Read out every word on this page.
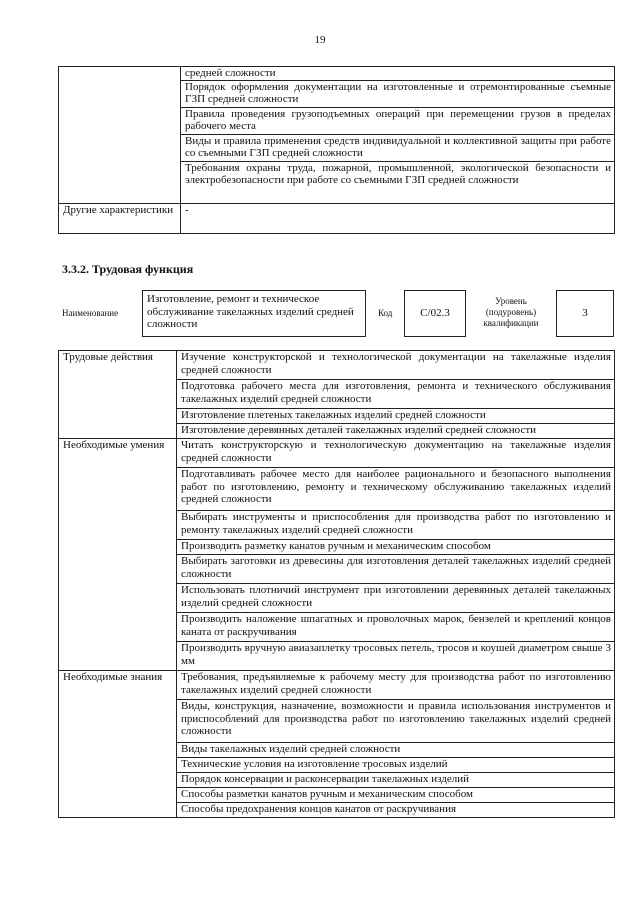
19
	средней сложности
	Порядок оформления документации на изготовленные и отремонтированные съемные ГЗП средней сложности
	Правила проведения грузоподъемных операций при перемещении грузов в пределах рабочего места
	Виды и правила применения средств индивидуальной и коллективной защиты при работе со съемными ГЗП средней сложности
	Требования охраны труда, пожарной, промышленной, экологической безопасности и электробезопасности при работе со съемными ГЗП средней сложности
Другие характеристики	-
3.3.2. Трудовая функция
Наименование
Изготовление, ремонт и техническое обслуживание такелажных изделий средней сложности
Код	С/02.3
Уровень (подуровень) квалификации
3
Трудовые действия	Изучение конструкторской и технологической документации на такелажные изделия средней сложности
	Подготовка рабочего места для изготовления, ремонта и технического обслуживания такелажных изделий средней сложности
	Изготовление плетеных такелажных изделий средней сложности
	Изготовление деревянных деталей такелажных изделий средней сложности
Необходимые умения	Читать конструкторскую и технологическую документацию на такелажные изделия средней сложности
	Подготавливать рабочее место для наиболее рационального и безопасного выполнения работ по изготовлению, ремонту и техническому обслуживанию такелажных изделий средней сложности
	Выбирать инструменты и приспособления для производства работ по изготовлению и ремонту такелажных изделий средней сложности
	Производить разметку канатов ручным и механическим способом
	Выбирать заготовки из древесины для изготовления деталей такелажных изделий средней сложности
	Использовать плотничий инструмент при изготовлении деревянных деталей такелажных изделий средней сложности
	Производить наложение шпагатных и проволочных марок, бензелей и креплений концов каната от раскручивания
	Производить вручную авиазаплетку тросовых петель, тросов и коушей диаметром свыше 3 мм
Необходимые знания	Требования, предъявляемые к рабочему месту для производства работ по изготовлению такелажных изделий средней сложности
	Виды, конструкция, назначение, возможности и правила использования инструментов и приспособлений для производства работ по изготовлению такелажных изделий средней сложности
	Виды такелажных изделий средней сложности
	Технические условия на изготовление тросовых изделий
	Порядок консервации и расконсервации такелажных изделий
	Способы разметки канатов ручным и механическим способом
	Способы предохранения концов канатов от раскручивания
